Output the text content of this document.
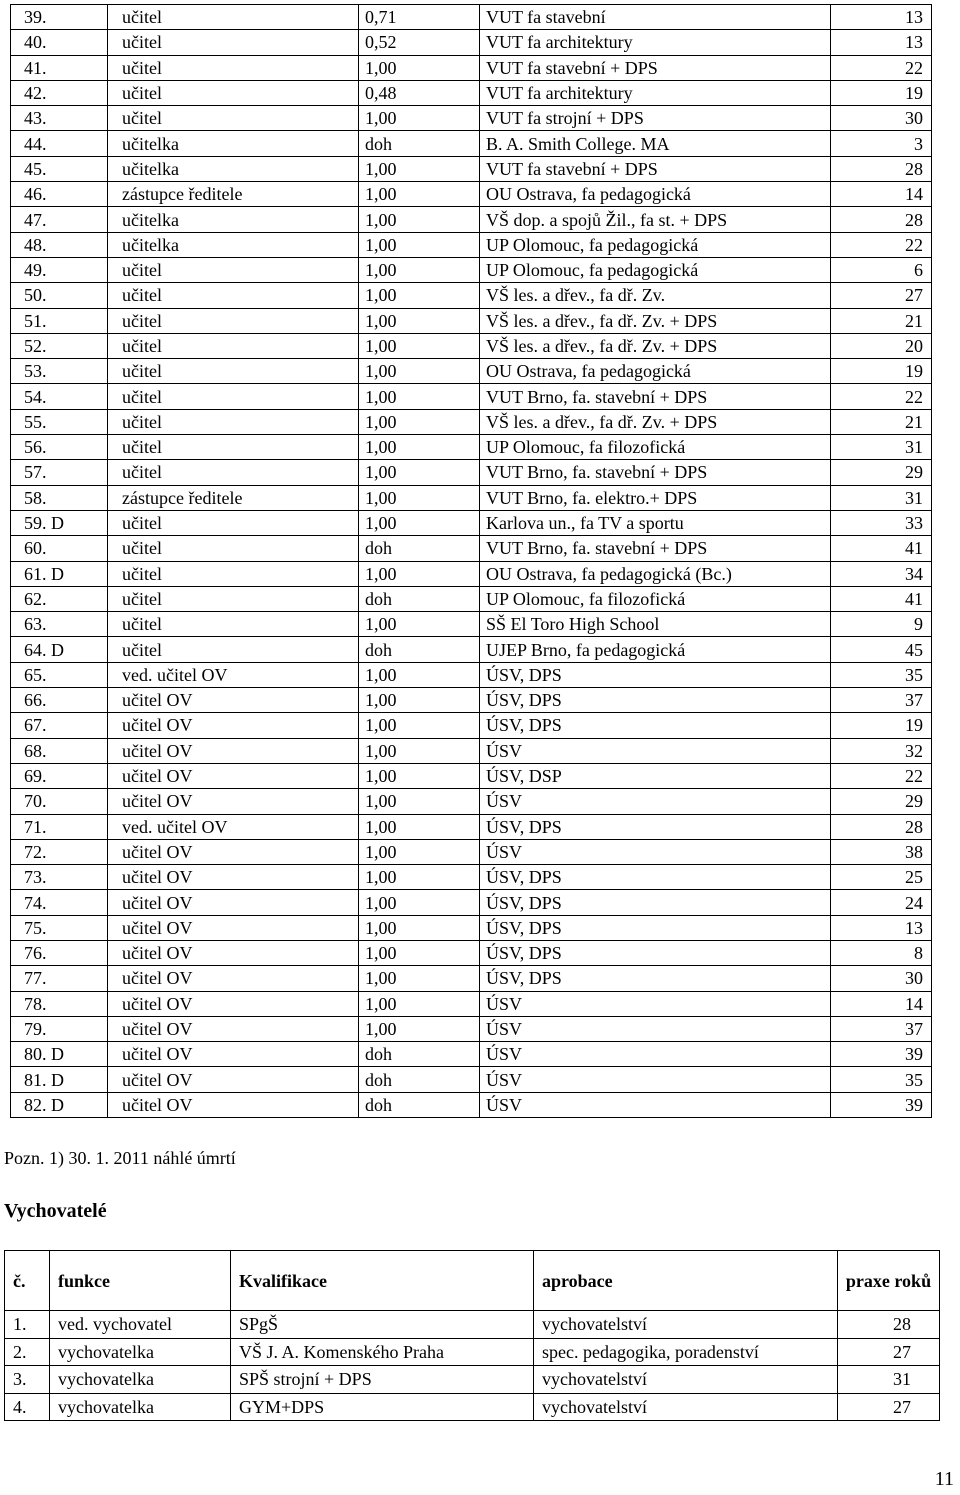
39.	učitel	0,71	VUT fa stavební	13
40.	učitel	0,52	VUT fa architektury	13
41.	učitel	1,00	VUT fa stavební + DPS	22
42.	učitel	0,48	VUT fa architektury	19
43.	učitel	1,00	VUT fa strojní + DPS	30
44.	učitelka	doh	B. A. Smith College. MA	3
45.	učitelka	1,00	VUT fa stavební + DPS	28
46.	zástupce ředitele	1,00	OU Ostrava, fa pedagogická	14
47.	učitelka	1,00	VŠ dop. a spojů Žil., fa st. + DPS	28
48.	učitelka	1,00	UP Olomouc, fa pedagogická	22
49.	učitel	1,00	UP Olomouc, fa pedagogická	6
50.	učitel	1,00	VŠ les. a dřev., fa dř. Zv.	27
51.	učitel	1,00	VŠ les. a dřev., fa dř. Zv. + DPS	21
52.	učitel	1,00	VŠ les. a dřev., fa dř. Zv. + DPS	20
53.	učitel	1,00	OU Ostrava, fa pedagogická	19
54.	učitel	1,00	VUT Brno, fa. stavební + DPS	22
55.	učitel	1,00	VŠ les. a dřev., fa dř. Zv. + DPS	21
56.	učitel	1,00	UP Olomouc, fa filozofická	31
57.	učitel	1,00	VUT Brno, fa. stavební + DPS	29
58.	zástupce ředitele	1,00	VUT Brno, fa. elektro.+ DPS	31
59. D	učitel	1,00	Karlova un., fa TV a sportu	33
60.	učitel	doh	VUT Brno, fa. stavební + DPS	41
61. D	učitel	1,00	OU Ostrava, fa pedagogická (Bc.)	34
62.	učitel	doh	UP Olomouc, fa filozofická	41
63.	učitel	1,00	SŠ El Toro High School	9
64. D	učitel	doh	UJEP Brno, fa pedagogická	45
65.	ved. učitel OV	1,00	ÚSV, DPS	35
66.	učitel OV	1,00	ÚSV, DPS	37
67.	učitel OV	1,00	ÚSV, DPS	19
68.	učitel OV	1,00	ÚSV	32
69.	učitel OV	1,00	ÚSV, DSP	22
70.	učitel OV	1,00	ÚSV	29
71.	ved. učitel OV	1,00	ÚSV, DPS	28
72.	učitel OV	1,00	ÚSV	38
73.	učitel OV	1,00	ÚSV, DPS	25
74.	učitel OV	1,00	ÚSV, DPS	24
75.	učitel OV	1,00	ÚSV, DPS	13
76.	učitel OV	1,00	ÚSV, DPS	8
77.	učitel OV	1,00	ÚSV, DPS	30
78.	učitel OV	1,00	ÚSV	14
79.	učitel OV	1,00	ÚSV	37
80. D	učitel OV	doh	ÚSV	39
81. D	učitel OV	doh	ÚSV	35
82. D	učitel OV	doh	ÚSV	39
Pozn. 1) 30. 1. 2011 náhlé úmrtí
Vychovatelé
č.	funkce	Kvalifikace	aprobace	praxe roků
1.	ved. vychovatel	SPgŠ	vychovatelství	28
2.	vychovatelka	VŠ J. A. Komenského Praha	spec. pedagogika, poradenství	27
3.	vychovatelka	SPŠ strojní + DPS	vychovatelství	31
4.	vychovatelka	GYM+DPS	vychovatelství	27
11
